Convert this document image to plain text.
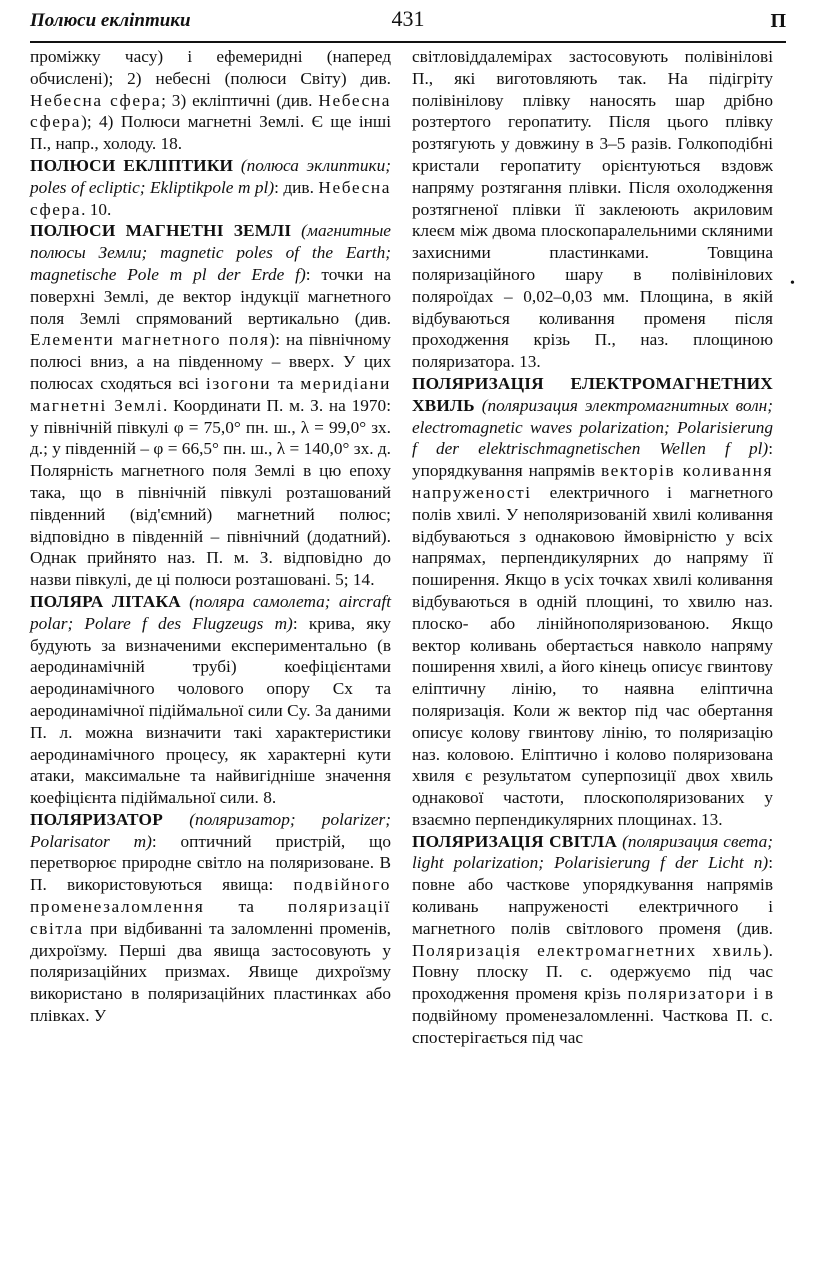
Полюси екліптики	431	П

проміжку часу) і ефемеридні (наперед обчислені); 2) небесні (полюси Світу) див. Небесна сфера; 3) екліптичні (див. Небесна сфера); 4) Полюси магнетні Землі. Є ще інші П., напр., холоду. 18.

ПОЛЮСИ ЕКЛІПТИКИ (полюса эклиптики; poles of ecliptic; Ekliptikpole m pl): див. Небесна сфера. 10.

ПОЛЮСИ МАГНЕТНІ ЗЕМЛІ (магнитные полюсы Земли; magnetic poles of the Earth; magnetische Pole m pl der Erde f): точки на поверхні Землі, де вектор індукції магнетного поля Землі спрямований вертикально (див. Елементи магнетного поля): на північному полюсі вниз, а на південному – вверх. У цих полюсах сходяться всі ізогони та меридіани магнетні Землі. Координати П. м. З. на 1970: у північній півкулі φ = 75,0° пн. ш., λ = 99,0° зх. д.; у південній – φ = 66,5° пн. ш., λ = 140,0° зх. д. Полярність магнетного поля Землі в цю епоху така, що в північній півкулі розташований південний (від'ємний) магнетний полюс; відповідно в південній – північний (додатний). Однак прийнято наз. П. м. З. відповідно до назви півкулі, де ці полюси розташовані. 5; 14.

ПОЛЯРА ЛІТАКА (поляра самолета; aircraft polar; Polare f des Flugzeugs m): крива, яку будують за визначеними експериментально (в аеродинамічній трубі) коефіцієнтами аеродинамічного чолового опору Cx та аеродинамічної підіймальної сили Cy. За даними П. л. можна визначити такі характеристики аеродинамічного процесу, як характерні кути атаки, максимальне та найвигідніше значення коефіцієнта підіймальної сили. 8.

ПОЛЯРИЗАТОР (поляризатор; polarizer; Polarisator m): оптичний пристрій, що перетворює природне світло на поляризоване. В П. використовуються явища: подвійного променезаломлення та поляризації світла при відбиванні та заломленні променів, дихроїзму. Перші два явища застосовують у поляризаційних призмах. Явище дихроїзму використано в поляризаційних пластинках або плівках. У

світловіддалемірах застосовують полівінілові П., які виготовляють так. На підігріту полівінілову плівку наносять шар дрібно розтертого геропатиту. Після цього плівку розтягують у довжину в 3–5 разів. Голкоподібні кристали геропатиту орієнтуються вздовж напряму розтягання плівки. Після охолодження розтягненої плівки її заклеюють акриловим клеєм між двома плоскопаралельними скляними захисними пластинками. Товщина поляризаційного шару в полівінілових поляроїдах – 0,02–0,03 мм. Площина, в якій відбуваються коливання променя після проходження крізь П., наз. площиною поляризатора. 13.

ПОЛЯРИЗАЦІЯ ЕЛЕКТРОМАГНЕТНИХ ХВИЛЬ (поляризация электромагнитных волн; electromagnetic waves polarization; Polarisierung f der elektrischmagnetischen Wellen f pl): упорядкування напрямів векторів коливання напруженості електричного і магнетного полів хвилі. У неполяризованій хвилі коливання відбуваються з однаковою ймовірністю у всіх напрямах, перпендикулярних до напряму її поширення. Якщо в усіх точках хвилі коливання відбуваються в одній площині, то хвилю наз. плоско- або лінійнополяризованою. Якщо вектор коливань обертається навколо напряму поширення хвилі, а його кінець описує гвинтову еліптичну лінію, то наявна еліптична поляризація. Коли ж вектор під час обертання описує колову гвинтову лінію, то поляризацію наз. коловою. Еліптично і колово поляризована хвиля є результатом суперпозиції двох хвиль однакової частоти, плоскополяризованих у взаємно перпендикулярних площинах. 13.

ПОЛЯРИЗАЦІЯ СВІТЛА (поляризация света; light polarization; Polarisierung f der Licht n): повне або часткове упорядкування напрямів коливань напруженості електричного і магнетного полів світлового променя (див. Поляризація електромагнетних хвиль). Повну плоску П. с. одержуємо під час проходження променя крізь поляризатори і в подвійному променезаломленні. Часткова П. с. спостерігається під час

•
